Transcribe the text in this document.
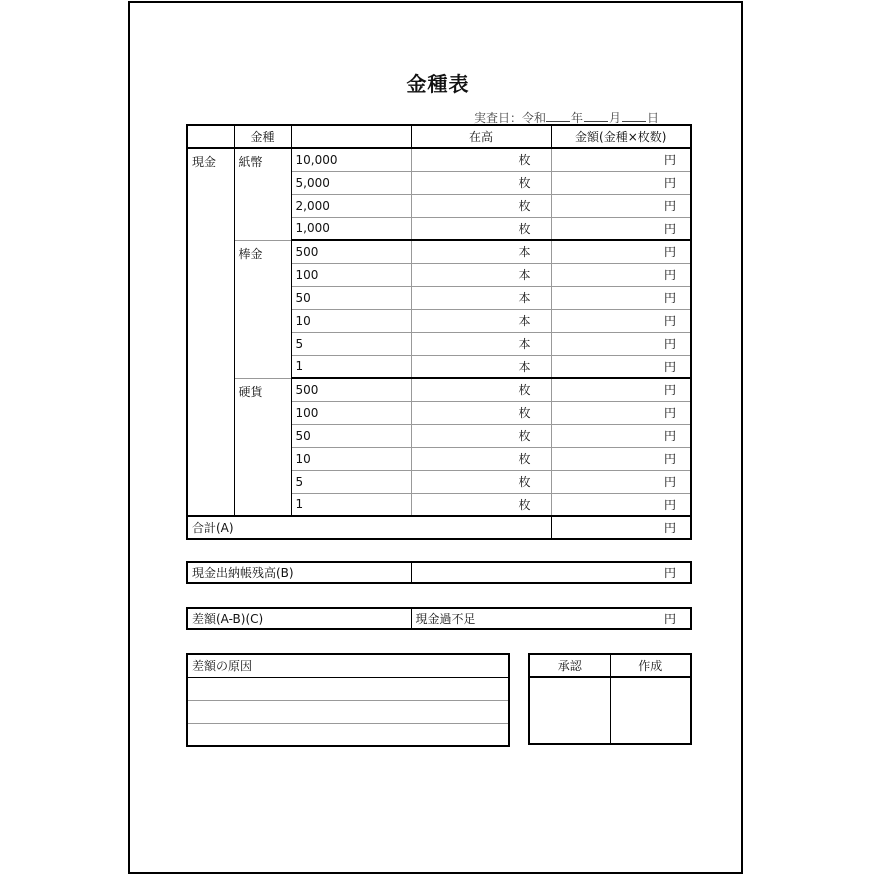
金種表
実査日：令和 年 月 日
	金種		在高	金額(金種×枚数)
現金	紙幣	10,000	枚	円
		5,000	枚	円
		2,000	枚	円
		1,000	枚	円
	棒金	500	本	円
		100	本	円
		50	本	円
		10	本	円
		5	本	円
		1	本	円
	硬貨	500	枚	円
		100	枚	円
		50	枚	円
		10	枚	円
		5	枚	円
		1	枚	円
合計(A)				円
現金出納帳残高(B)	円
差額(A-B)(C)	現金過不足	円
差額の原因	承認	作成
